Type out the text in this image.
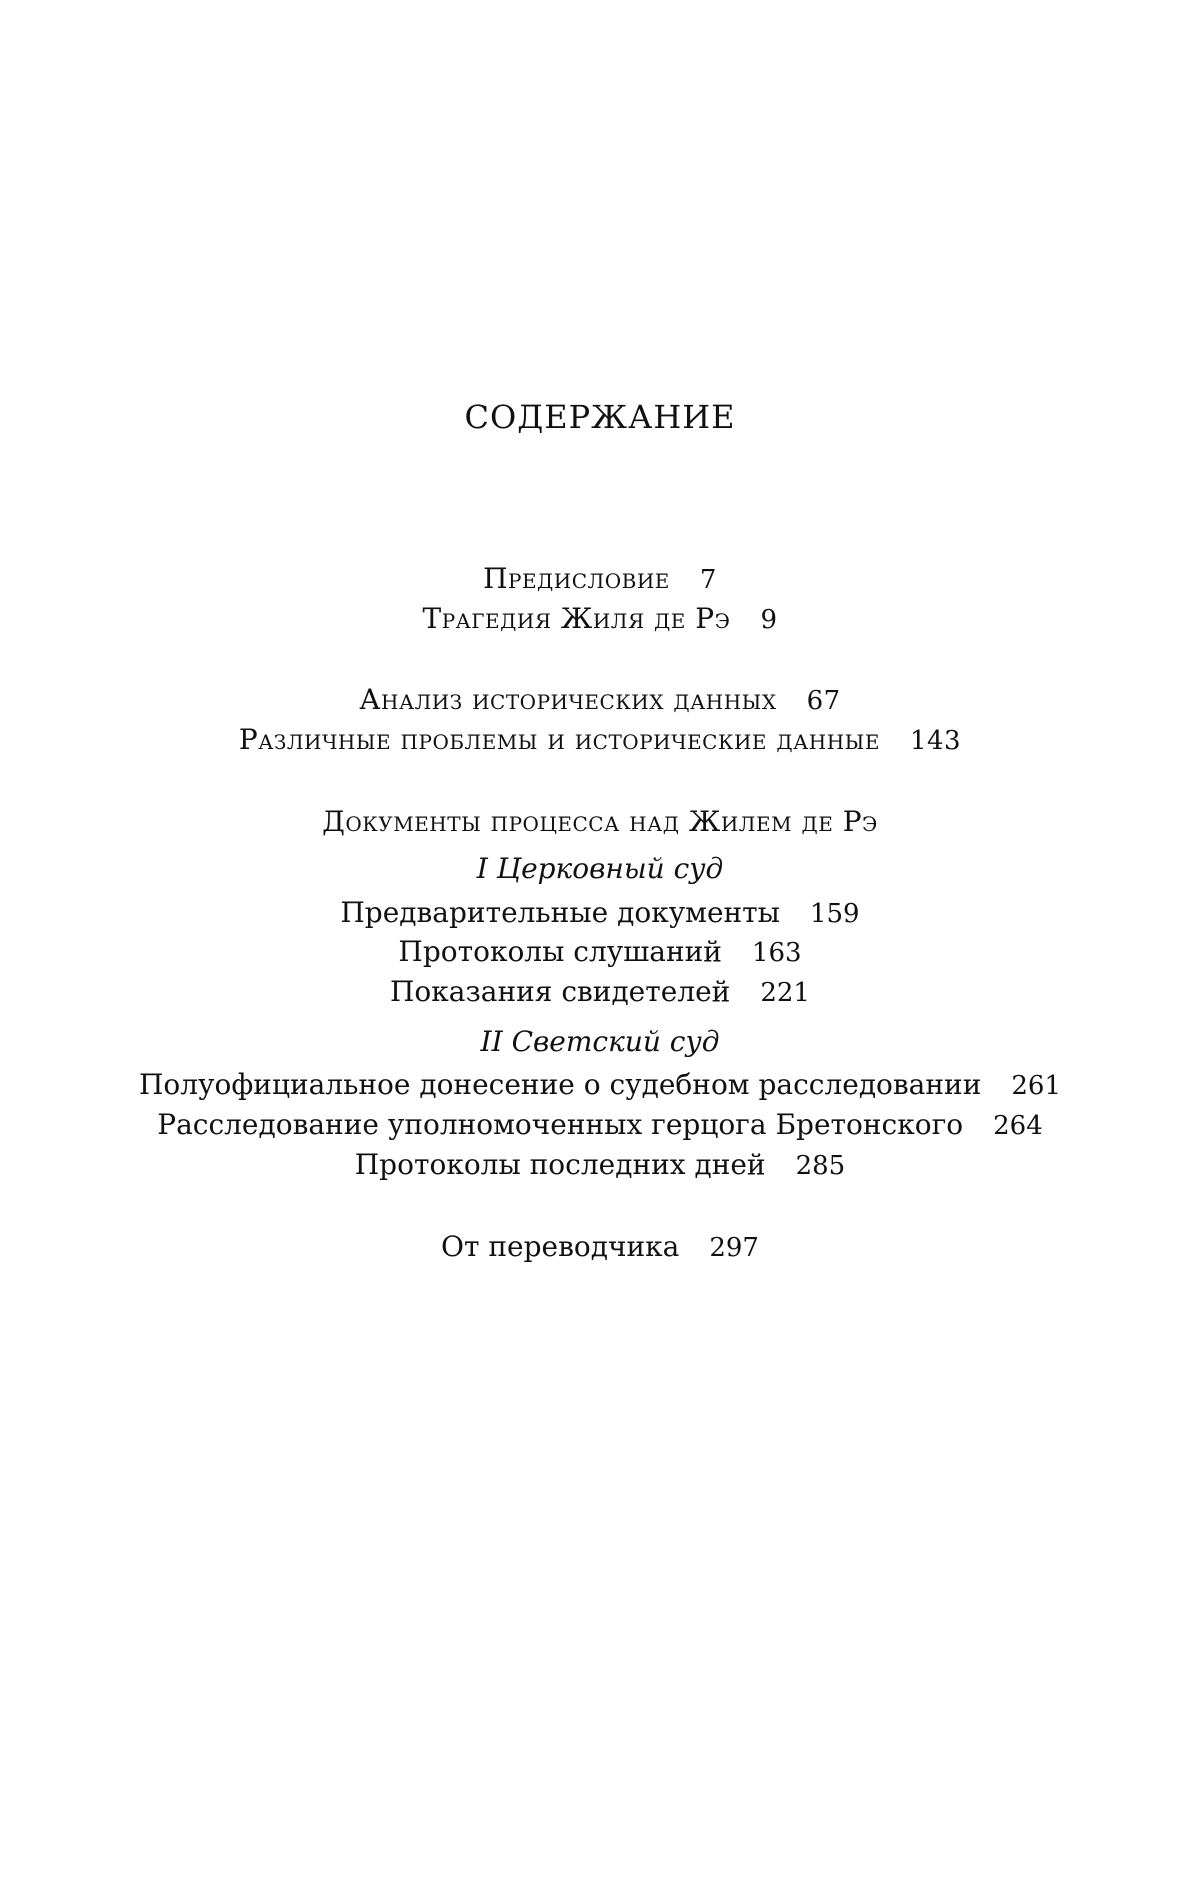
СОДЕРЖАНИЕ
Предисловие 7
Трагедия Жиля де Рэ 9
Анализ исторических данных 67
Различные проблемы и исторические данные 143
Документы процесса над Жилем де Рэ
I Церковный суд
Предварительные документы 159
Протоколы слушаний 163
Показания свидетелей 221
II Светский суд
Полуофициальное донесение о судебном расследовании 261
Расследование уполномоченных герцога Бретонского 264
Протоколы последних дней 285
От переводчика 297
